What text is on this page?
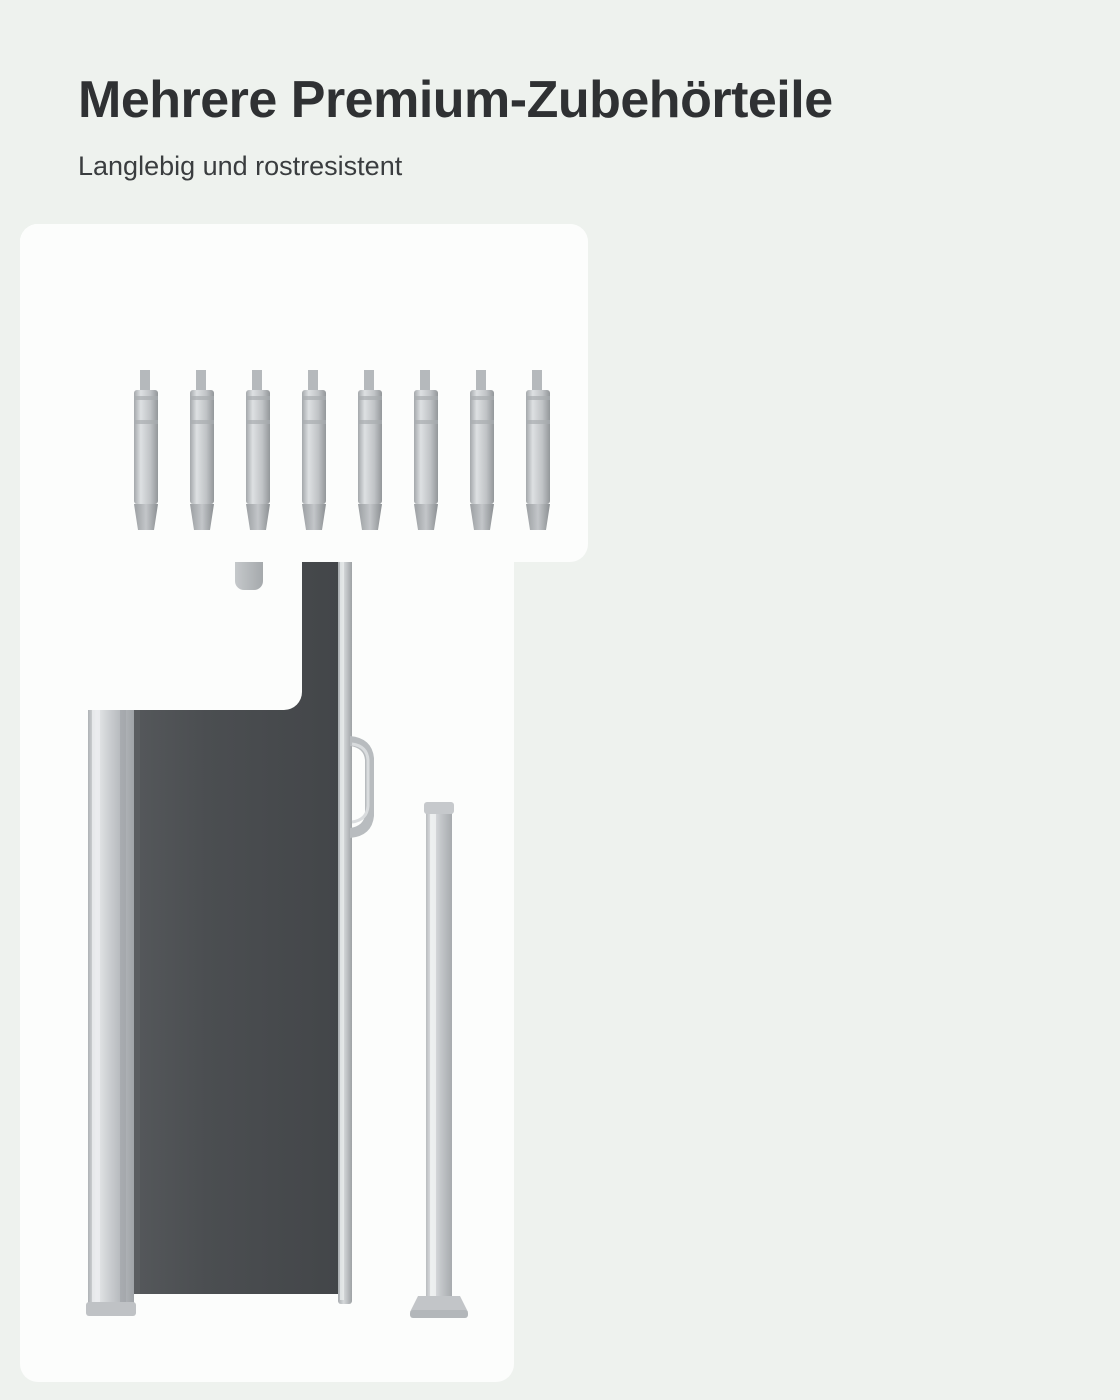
Mehrere Premium-Zubehörteile

Langlebig und rostresistent
